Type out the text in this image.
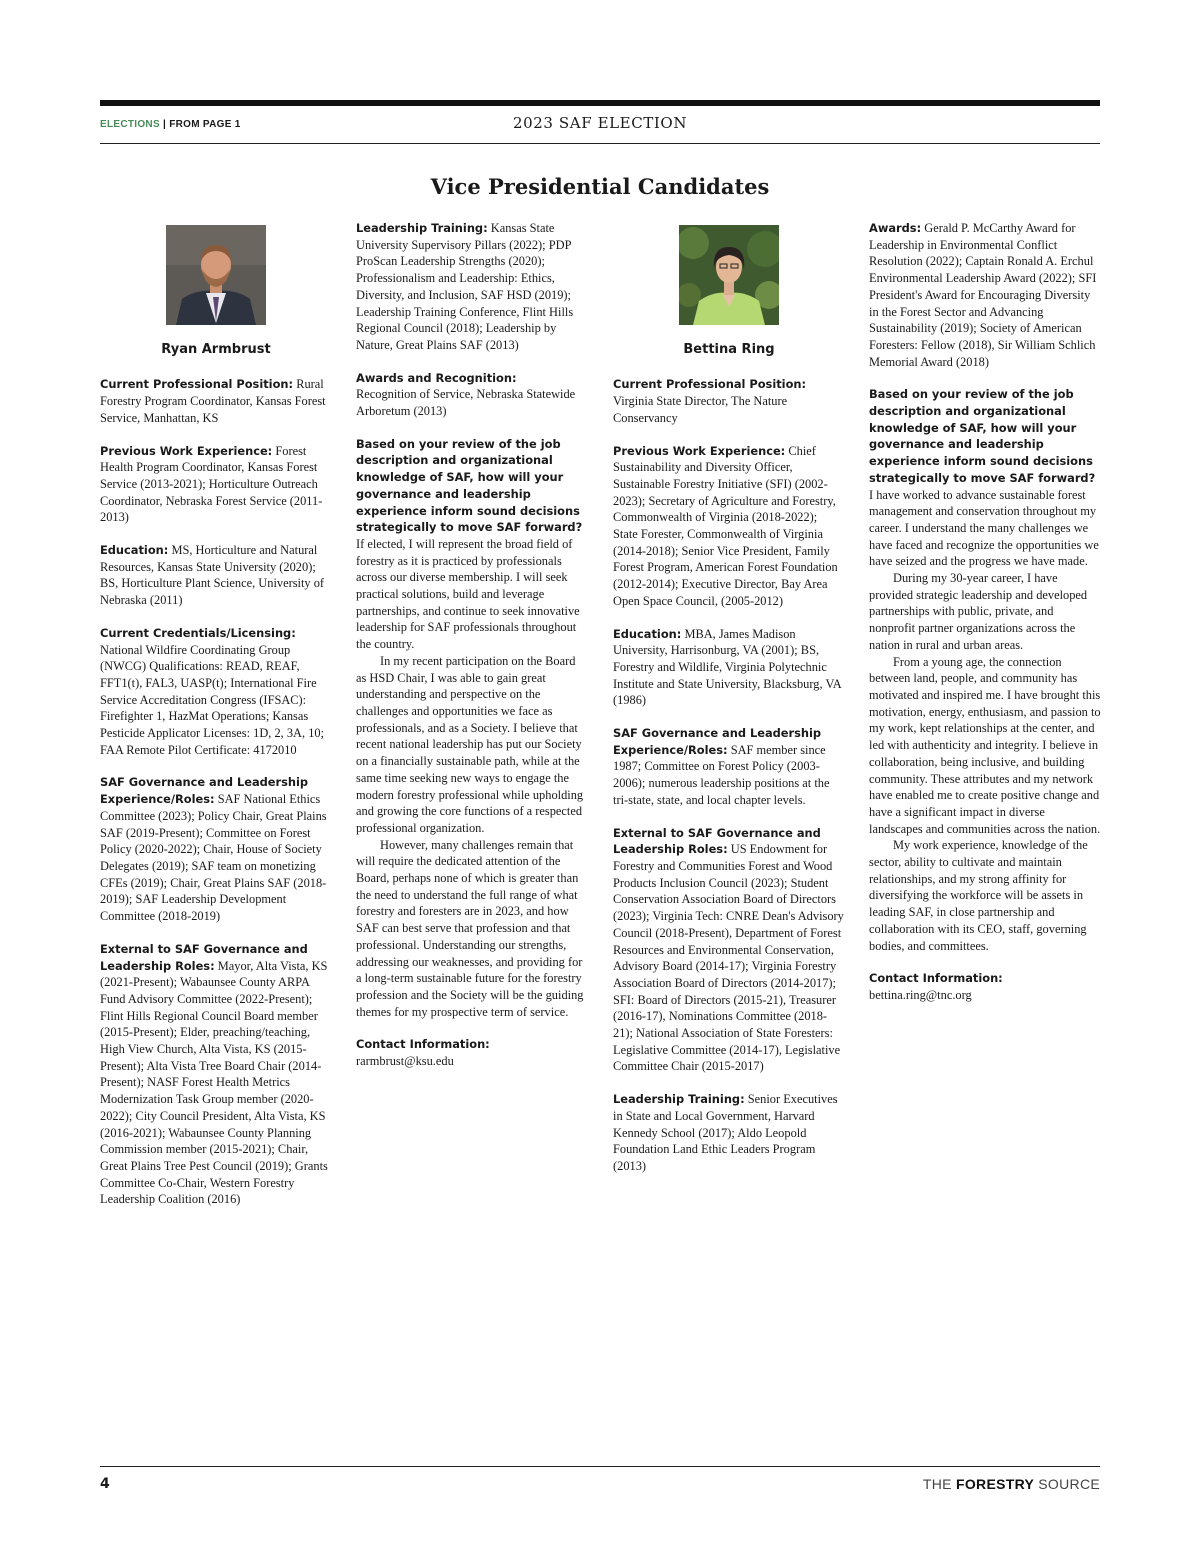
ELECTIONS | FROM PAGE 1	2023 SAF ELECTION
Vice Presidential Candidates
Ryan Armbrust

Current Professional Position: Rural Forestry Program Coordinator, Kansas Forest Service, Manhattan, KS

Previous Work Experience: Forest Health Program Coordinator, Kansas Forest Service (2013-2021); Horticulture Outreach Coordinator, Nebraska Forest Service (2011-2013)

Education: MS, Horticulture and Natural Resources, Kansas State University (2020); BS, Horticulture Plant Science, University of Nebraska (2011)

Current Credentials/Licensing:
National Wildfire Coordinating Group (NWCG) Qualifications: READ, REAF, FFT1(t), FAL3, UASP(t); International Fire Service Accreditation Congress (IFSAC): Firefighter 1, HazMat Operations; Kansas Pesticide Applicator Licenses: 1D, 2, 3A, 10; FAA Remote Pilot Certificate: 4172010

SAF Governance and Leadership Experience/Roles: SAF National Ethics Committee (2023); Policy Chair, Great Plains SAF (2019-Present); Committee on Forest Policy (2020-2022); Chair, House of Society Delegates (2019); SAF team on monetizing CFEs (2019); Chair, Great Plains SAF (2018-2019); SAF Leadership Development Committee (2018-2019)

External to SAF Governance and Leadership Roles: Mayor, Alta Vista, KS (2021-Present); Wabaunsee County ARPA Fund Advisory Committee (2022-Present); Flint Hills Regional Council Board member (2015-Present); Elder, preaching/teaching, High View Church, Alta Vista, KS (2015-Present); Alta Vista Tree Board Chair (2014-Present); NASF Forest Health Metrics Modernization Task Group member (2020-2022); City Council President, Alta Vista, KS (2016-2021); Wabaunsee County Planning Commission member (2015-2021); Chair, Great Plains Tree Pest Council (2019); Grants Committee Co-Chair, Western Forestry Leadership Coalition (2016)

Leadership Training: Kansas State University Supervisory Pillars (2022); PDP ProScan Leadership Strengths (2020); Professionalism and Leadership: Ethics, Diversity, and Inclusion, SAF HSD (2019); Leadership Training Conference, Flint Hills Regional Council (2018); Leadership by Nature, Great Plains SAF (2013)

Awards and Recognition:
Recognition of Service, Nebraska Statewide Arboretum (2013)

Based on your review of the job description and organizational knowledge of SAF, how will your governance and leadership experience inform sound decisions strategically to move SAF forward?

If elected, I will represent the broad field of forestry as it is practiced by professionals across our diverse membership. I will seek practical solutions, build and leverage partnerships, and continue to seek innovative leadership for SAF professionals throughout the country.

In my recent participation on the Board as HSD Chair, I was able to gain great understanding and perspective on the challenges and opportunities we face as professionals, and as a Society. I believe that recent national leadership has put our Society on a financially sustainable path, while at the same time seeking new ways to engage the modern forestry professional while upholding and growing the core functions of a respected professional organization.

However, many challenges remain that will require the dedicated attention of the Board, perhaps none of which is greater than the need to understand the full range of what forestry and foresters are in 2023, and how SAF can best serve that profession and that professional. Understanding our strengths, addressing our weaknesses, and providing for a long-term sustainable future for the forestry profession and the Society will be the guiding themes for my prospective term of service.

Contact Information: rarmbrust@ksu.edu

Bettina Ring

Current Professional Position:
Virginia State Director, The Nature Conservancy

Previous Work Experience: Chief Sustainability and Diversity Officer, Sustainable Forestry Initiative (SFI) (2002-2023); Secretary of Agriculture and Forestry, Commonwealth of Virginia (2018-2022); State Forester, Commonwealth of Virginia (2014-2018); Senior Vice President, Family Forest Program, American Forest Foundation (2012-2014); Executive Director, Bay Area Open Space Council, (2005-2012)

Education: MBA, James Madison University, Harrisonburg, VA (2001); BS, Forestry and Wildlife, Virginia Polytechnic Institute and State University, Blacksburg, VA (1986)

SAF Governance and Leadership Experience/Roles: SAF member since 1987; Committee on Forest Policy (2003-2006); numerous leadership positions at the tri-state, state, and local chapter levels.

External to SAF Governance and Leadership Roles: US Endowment for Forestry and Communities Forest and Wood Products Inclusion Council (2023); Student Conservation Association Board of Directors (2023); Virginia Tech: CNRE Dean's Advisory Council (2018-Present), Department of Forest Resources and Environmental Conservation, Advisory Board (2014-17); Virginia Forestry Association Board of Directors (2014-2017); SFI: Board of Directors (2015-21), Treasurer (2016-17), Nominations Committee (2018-21); National Association of State Foresters: Legislative Committee (2014-17), Legislative Committee Chair (2015-2017)

Leadership Training: Senior Executives in State and Local Government, Harvard Kennedy School (2017); Aldo Leopold Foundation Land Ethic Leaders Program (2013)

Awards: Gerald P. McCarthy Award for Leadership in Environmental Conflict Resolution (2022); Captain Ronald A. Erchul Environmental Leadership Award (2022); SFI President's Award for Encouraging Diversity in the Forest Sector and Advancing Sustainability (2019); Society of American Foresters: Fellow (2018), Sir William Schlich Memorial Award (2018)

Based on your review of the job description and organizational knowledge of SAF, how will your governance and leadership experience inform sound decisions strategically to move SAF forward?

I have worked to advance sustainable forest management and conservation throughout my career. I understand the many challenges we have faced and recognize the opportunities we have seized and the progress we have made.

During my 30-year career, I have provided strategic leadership and developed partnerships with public, private, and nonprofit partner organizations across the nation in rural and urban areas.

From a young age, the connection between land, people, and community has motivated and inspired me. I have brought this motivation, energy, enthusiasm, and passion to my work, kept relationships at the center, and led with authenticity and integrity. I believe in collaboration, being inclusive, and building community. These attributes and my network have enabled me to create positive change and have a significant impact in diverse landscapes and communities across the nation.

My work experience, knowledge of the sector, ability to cultivate and maintain relationships, and my strong affinity for diversifying the workforce will be assets in leading SAF, in close partnership and collaboration with its CEO, staff, governing bodies, and committees.

Contact Information: bettina.ring@tnc.org

4	THE FORESTRY SOURCE
